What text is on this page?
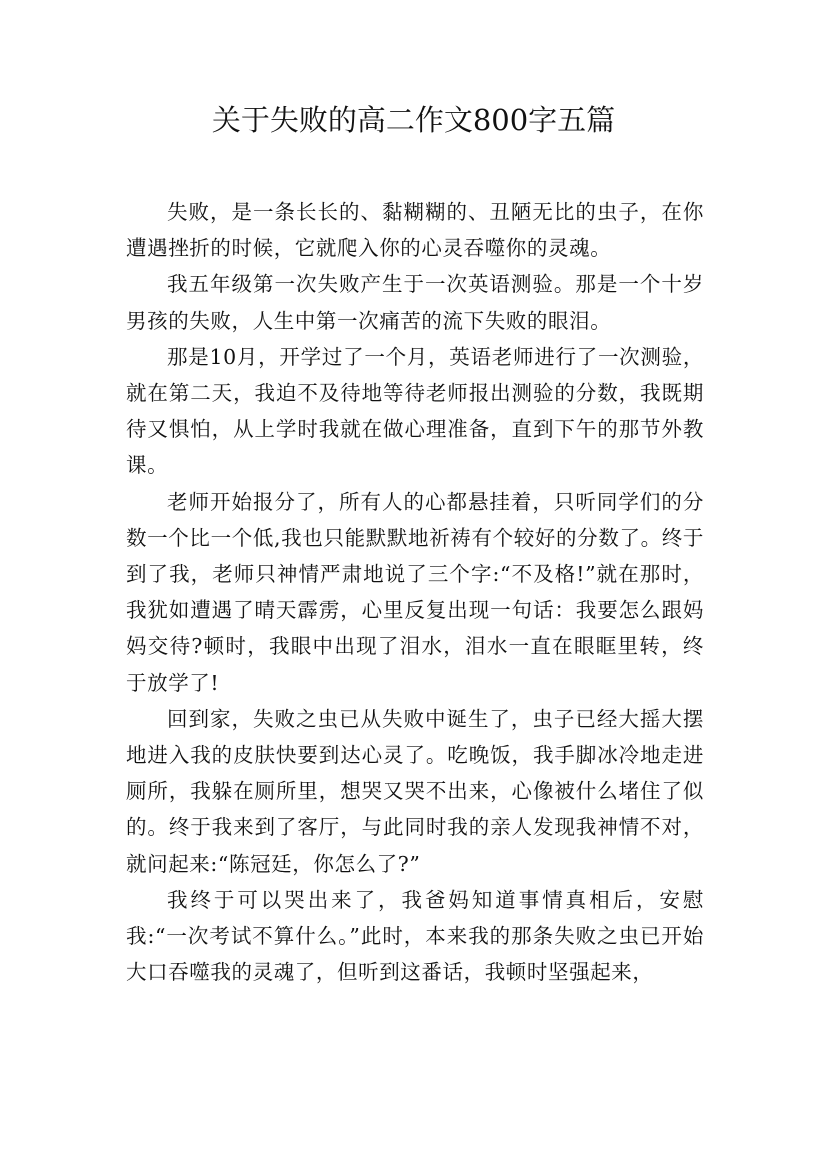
关于失败的高二作文800字五篇

失败，是一条长长的、黏糊糊的、丑陋无比的虫子，在你遭遇挫折的时候，它就爬入你的心灵吞噬你的灵魂。

我五年级第一次失败产生于一次英语测验。那是一个十岁男孩的失败，人生中第一次痛苦的流下失败的眼泪。

那是10月，开学过了一个月，英语老师进行了一次测验，就在第二天，我迫不及待地等待老师报出测验的分数，我既期待又惧怕，从上学时我就在做心理准备，直到下午的那节外教课。

老师开始报分了，所有人的心都悬挂着，只听同学们的分数一个比一个低,我也只能默默地祈祷有个较好的分数了。终于到了我，老师只神情严肃地说了三个字:“不及格!”就在那时，我犹如遭遇了晴天霹雳，心里反复出现一句话：我要怎么跟妈妈交待?顿时，我眼中出现了泪水，泪水一直在眼眶里转，终于放学了!

回到家，失败之虫已从失败中诞生了，虫子已经大摇大摆地进入我的皮肤快要到达心灵了。吃晚饭，我手脚冰冷地走进厕所，我躲在厕所里，想哭又哭不出来，心像被什么堵住了似的。终于我来到了客厅，与此同时我的亲人发现我神情不对，就问起来:“陈冠廷，你怎么了?”

我终于可以哭出来了，我爸妈知道事情真相后，安慰我:“一次考试不算什么。”此时，本来我的那条失败之虫已开始大口吞噬我的灵魂了，但听到这番话，我顿时坚强起来，
